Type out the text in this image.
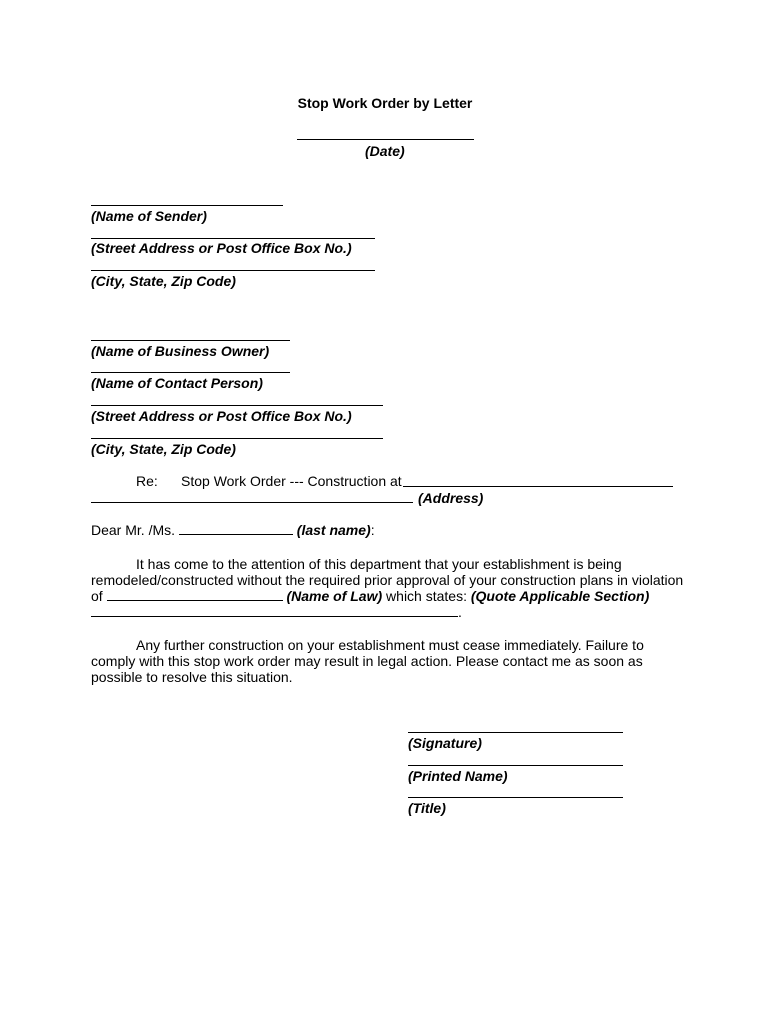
Stop Work Order by Letter
(Date)
(Name of Sender)
(Street Address or Post Office Box No.)
(City, State, Zip Code)
(Name of Business Owner)
(Name of Contact Person)
(Street Address or Post Office Box No.)
(City, State, Zip Code)
Re: Stop Work Order --- Construction at
(Address)
Dear Mr. /Ms.	(last name):
It has come to the attention of this department that your establishment is being
remodeled/constructed without the required prior approval of your construction plans in violation
of	(Name of Law) which states: (Quote Applicable Section)
.
Any further construction on your establishment must cease immediately. Failure to
comply with this stop work order may result in legal action. Please contact me as soon as
possible to resolve this situation.
(Signature)
(Printed Name)
(Title)
